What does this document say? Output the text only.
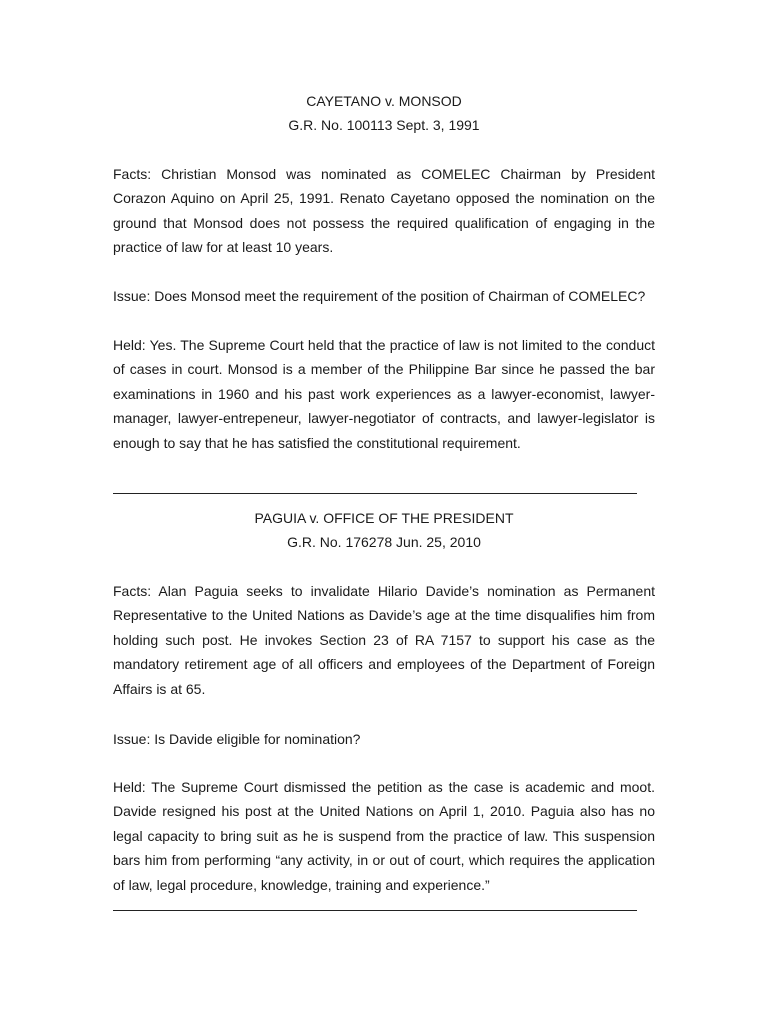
CAYETANO v. MONSOD

G.R. No. 100113 Sept. 3, 1991

Facts: Christian Monsod was nominated as COMELEC Chairman by President Corazon Aquino on April 25, 1991. Renato Cayetano opposed the nomination on the ground that Monsod does not possess the required qualification of engaging in the practice of law for at least 10 years.

Issue: Does Monsod meet the requirement of the position of Chairman of COMELEC?

Held: Yes. The Supreme Court held that the practice of law is not limited to the conduct of cases in court. Monsod is a member of the Philippine Bar since he passed the bar examinations in 1960 and his past work experiences as a lawyer-economist, lawyer-manager, lawyer-entrepeneur, lawyer-negotiator of contracts, and lawyer-legislator is enough to say that he has satisfied the constitutional requirement.

PAGUIA v. OFFICE OF THE PRESIDENT

G.R. No. 176278 Jun. 25, 2010

Facts: Alan Paguia seeks to invalidate Hilario Davide’s nomination as Permanent Representative to the United Nations as Davide’s age at the time disqualifies him from holding such post. He invokes Section 23 of RA 7157 to support his case as the mandatory retirement age of all officers and employees of the Department of Foreign Affairs is at 65.

Issue: Is Davide eligible for nomination?

Held: The Supreme Court dismissed the petition as the case is academic and moot. Davide resigned his post at the United Nations on April 1, 2010. Paguia also has no legal capacity to bring suit as he is suspend from the practice of law. This suspension bars him from performing “any activity, in or out of court, which requires the application of law, legal procedure, knowledge, training and experience.”
